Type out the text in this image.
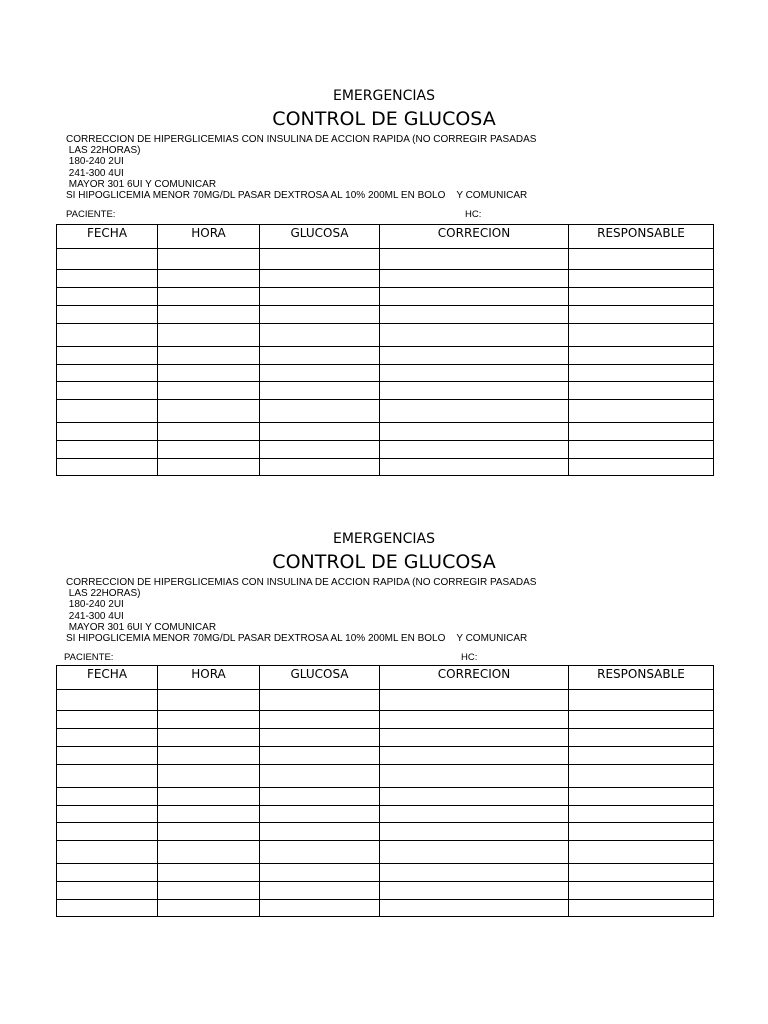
EMERGENCIAS
CONTROL DE GLUCOSA
CORRECCION DE HIPERGLICEMIAS CON INSULINA DE ACCION RAPIDA (NO CORREGIR PASADAS
LAS 22HORAS)
180-240 2UI
241-300 4UI
MAYOR 301 6UI Y COMUNICAR
SI HIPOGLICEMIA MENOR 70MG/DL PASAR DEXTROSA AL 10% 200ML EN BOLO    Y COMUNICAR
PACIENTE:	HC:
FECHA	HORA	GLUCOSA	CORRECION	RESPONSABLE

EMERGENCIAS
CONTROL DE GLUCOSA
CORRECCION DE HIPERGLICEMIAS CON INSULINA DE ACCION RAPIDA (NO CORREGIR PASADAS
LAS 22HORAS)
180-240 2UI
241-300 4UI
MAYOR 301 6UI Y COMUNICAR
SI HIPOGLICEMIA MENOR 70MG/DL PASAR DEXTROSA AL 10% 200ML EN BOLO    Y COMUNICAR
PACIENTE:	HC:
FECHA	HORA	GLUCOSA	CORRECION	RESPONSABLE
